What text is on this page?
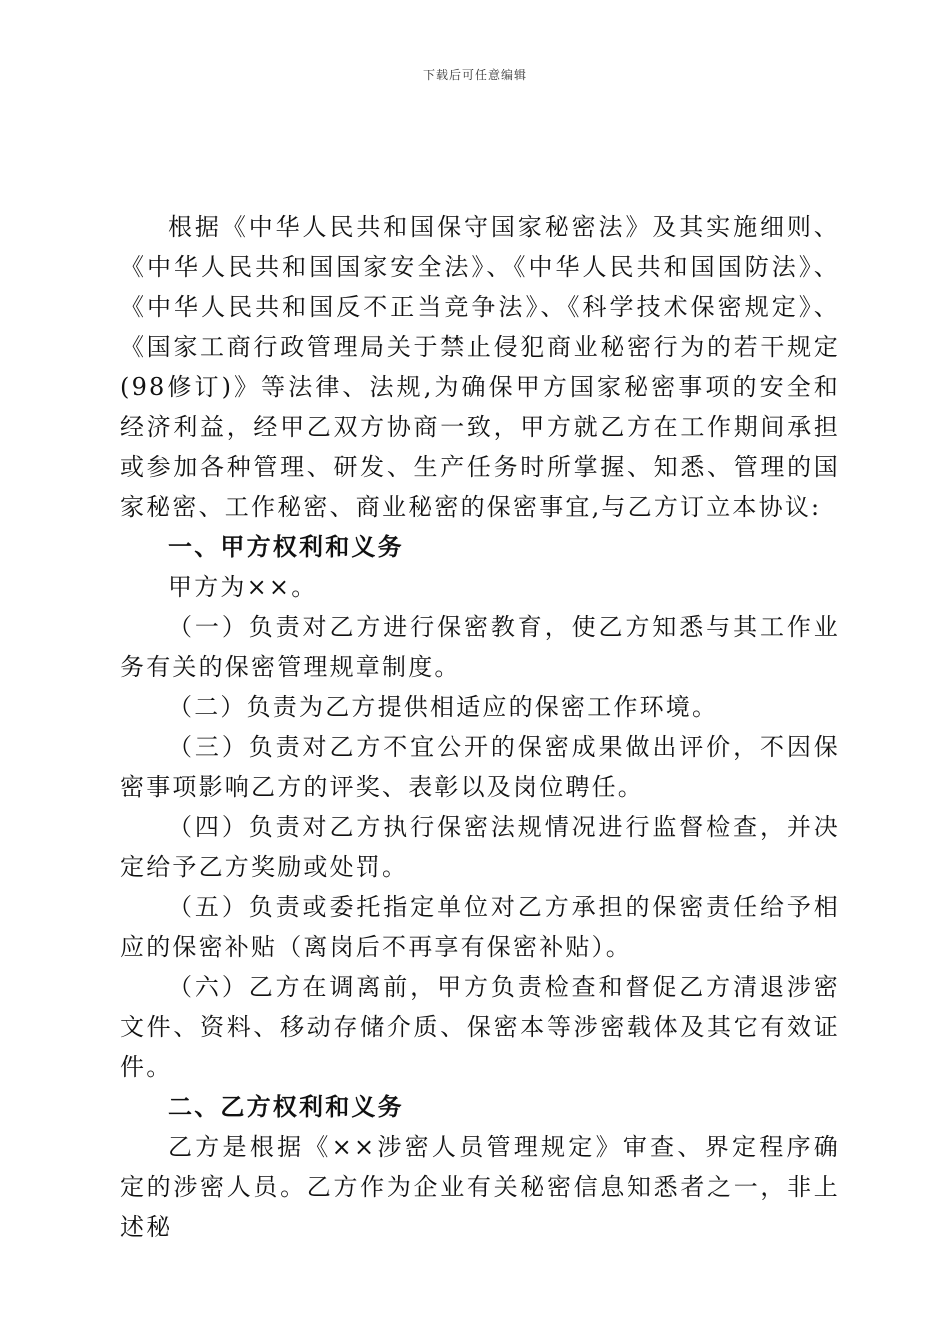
下载后可任意编辑

根据《中华人民共和国保守国家秘密法》及其实施细则、《中华人民共和国国家安全法》、《中华人民共和国国防法》、《中华人民共和国反不正当竞争法》、《科学技术保密规定》、《国家工商行政管理局关于禁止侵犯商业秘密行为的若干规定(98修订)》等法律、法规,为确保甲方国家秘密事项的安全和经济利益，经甲乙双方协商一致，甲方就乙方在工作期间承担或参加各种管理、研发、生产任务时所掌握、知悉、管理的国家秘密、工作秘密、商业秘密的保密事宜,与乙方订立本协议:

一、甲方权利和义务

甲方为××。

（一）负责对乙方进行保密教育，使乙方知悉与其工作业务有关的保密管理规章制度。

（二）负责为乙方提供相适应的保密工作环境。

（三）负责对乙方不宜公开的保密成果做出评价，不因保密事项影响乙方的评奖、表彰以及岗位聘任。

（四）负责对乙方执行保密法规情况进行监督检查，并决定给予乙方奖励或处罚。

（五）负责或委托指定单位对乙方承担的保密责任给予相应的保密补贴（离岗后不再享有保密补贴）。

（六）乙方在调离前，甲方负责检查和督促乙方清退涉密文件、资料、移动存储介质、保密本等涉密载体及其它有效证件。

二、乙方权利和义务

乙方是根据《××涉密人员管理规定》审查、界定程序确定的涉密人员。乙方作为企业有关秘密信息知悉者之一，非上述秘
